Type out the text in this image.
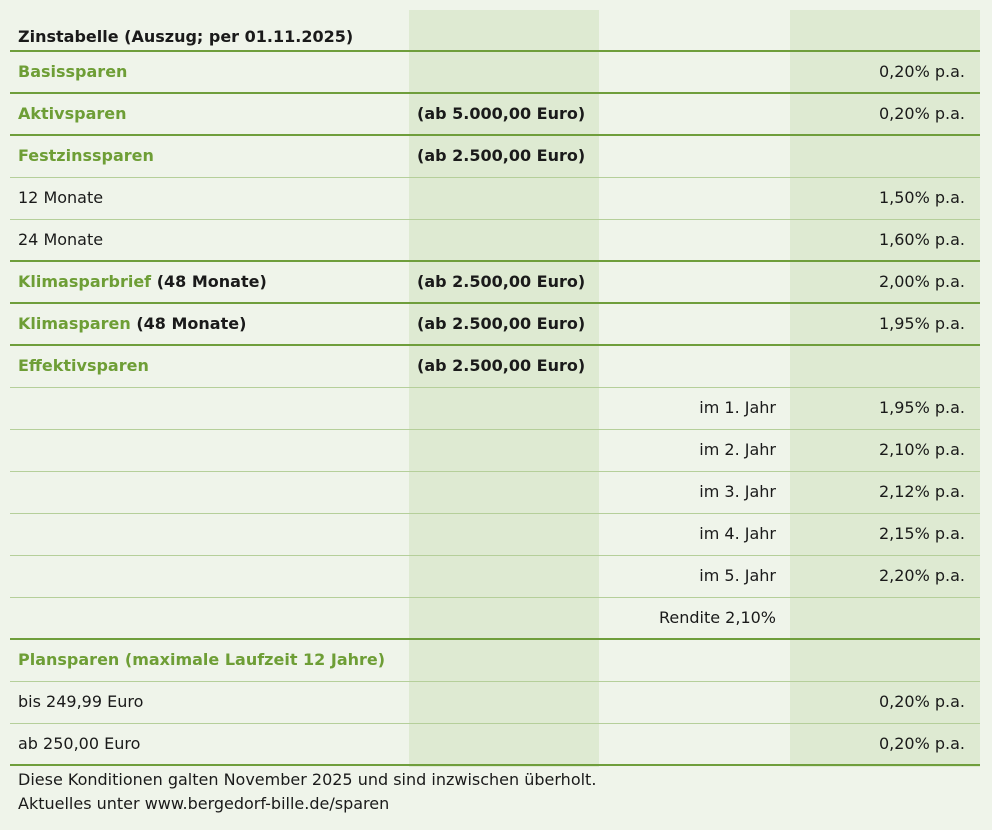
Zinstabelle (Auszug; per 01.11.2025)			
Basissparen			0,20% p.a.
Aktivsparen	(ab 5.000,00 Euro)		0,20% p.a.
Festzinssparen	(ab 2.500,00 Euro)		
12 Monate			1,50% p.a.
24 Monate			1,60% p.a.
Klimasparbrief (48 Monate)	(ab 2.500,00 Euro)		2,00% p.a.
Klimasparen (48 Monate)	(ab 2.500,00 Euro)		1,95% p.a.
Effektivsparen	(ab 2.500,00 Euro)		
		im 1. Jahr	1,95% p.a.
		im 2. Jahr	2,10% p.a.
		im 3. Jahr	2,12% p.a.
		im 4. Jahr	2,15% p.a.
		im 5. Jahr	2,20% p.a.
		Rendite 2,10%	
Plansparen (maximale Laufzeit 12 Jahre)			
bis 249,99 Euro			0,20% p.a.
ab 250,00 Euro			0,20% p.a.
Diese Konditionen galten November 2025 und sind inzwischen überholt.
Aktuelles unter www.bergedorf-bille.de/sparen
